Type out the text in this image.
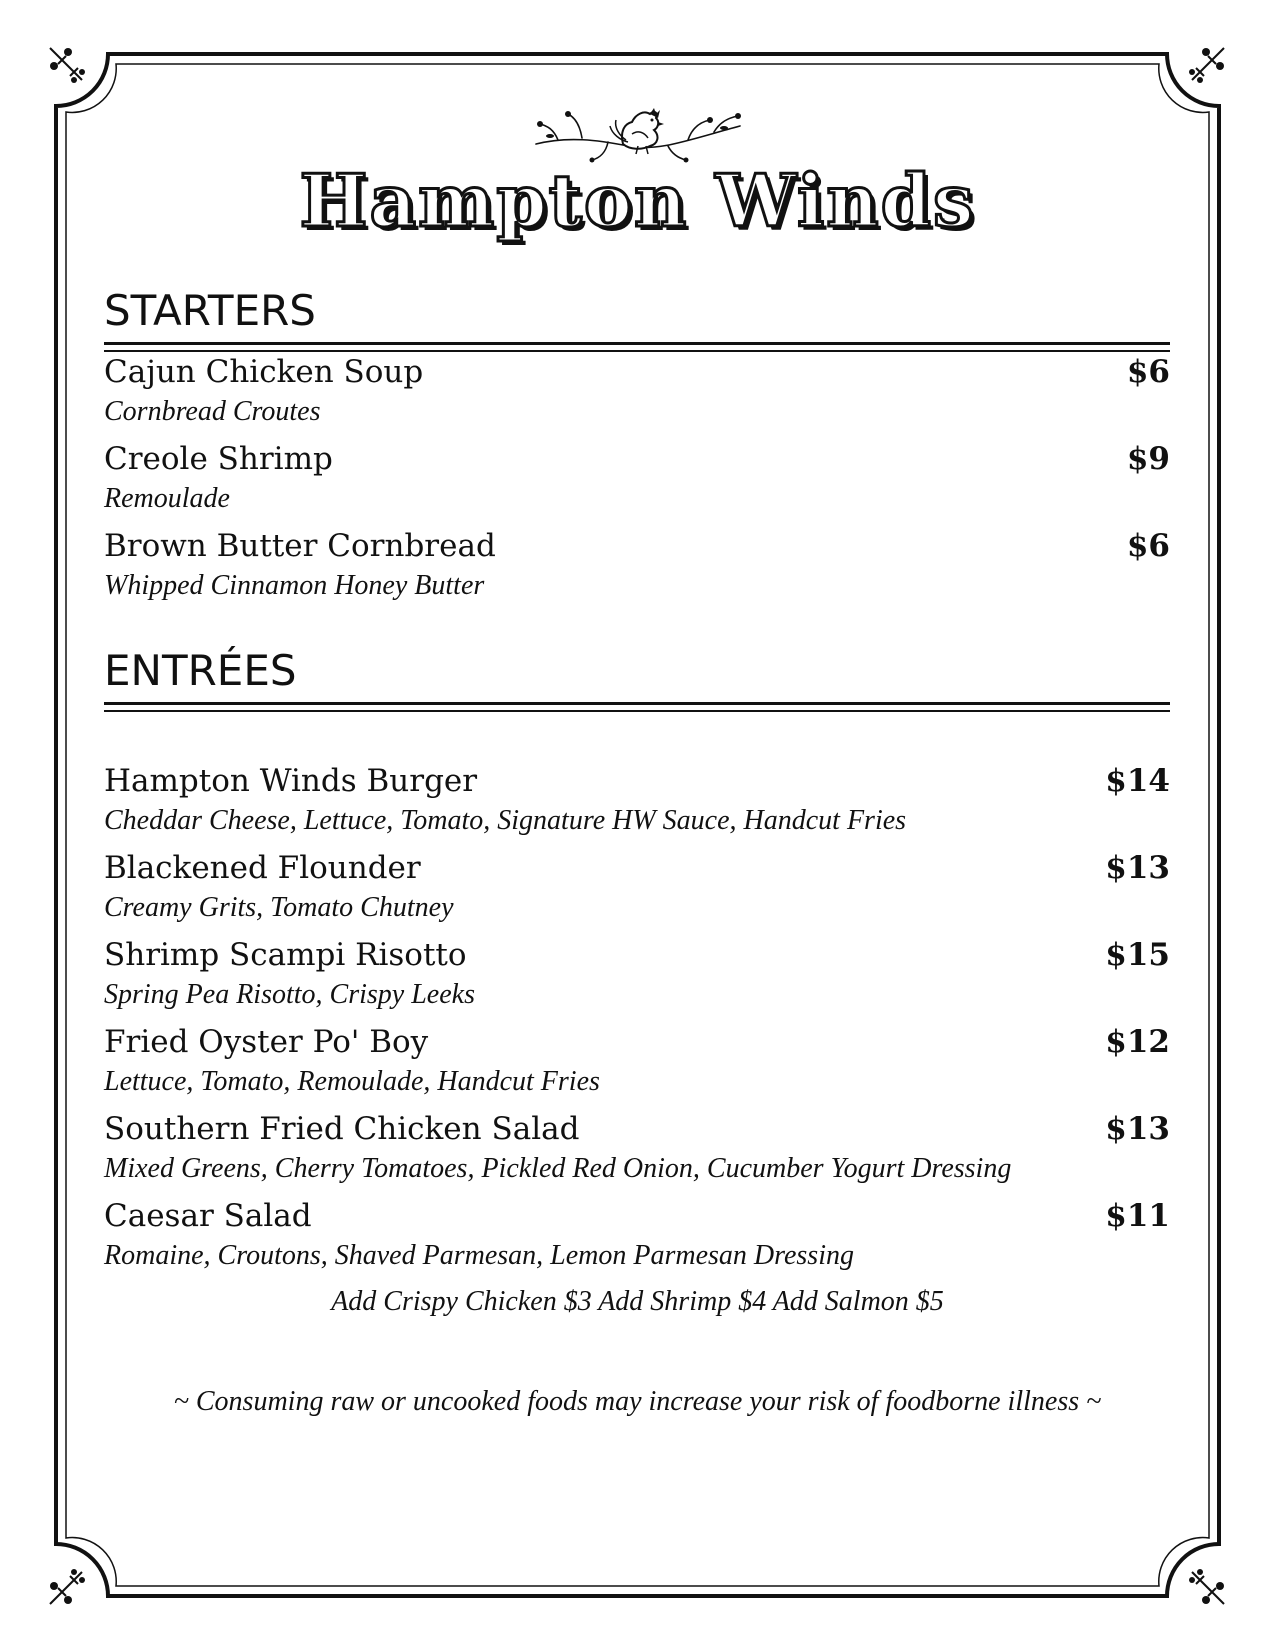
Hampton Winds
STARTERS
Cajun Chicken Soup	$6
Cornbread Croutes
Creole Shrimp	$9
Remoulade
Brown Butter Cornbread	$6
Whipped Cinnamon Honey Butter
ENTRÉES
Hampton Winds Burger	$14
Cheddar Cheese, Lettuce, Tomato, Signature HW Sauce, Handcut Fries
Blackened Flounder	$13
Creamy Grits, Tomato Chutney
Shrimp Scampi Risotto	$15
Spring Pea Risotto, Crispy Leeks
Fried Oyster Po' Boy	$12
Lettuce, Tomato, Remoulade, Handcut Fries
Southern Fried Chicken Salad	$13
Mixed Greens, Cherry Tomatoes, Pickled Red Onion, Cucumber Yogurt Dressing
Caesar Salad	$11
Romaine, Croutons, Shaved Parmesan, Lemon Parmesan Dressing
Add Crispy Chicken $3 Add Shrimp $4 Add Salmon $5
~ Consuming raw or uncooked foods may increase your risk of foodborne illness ~
